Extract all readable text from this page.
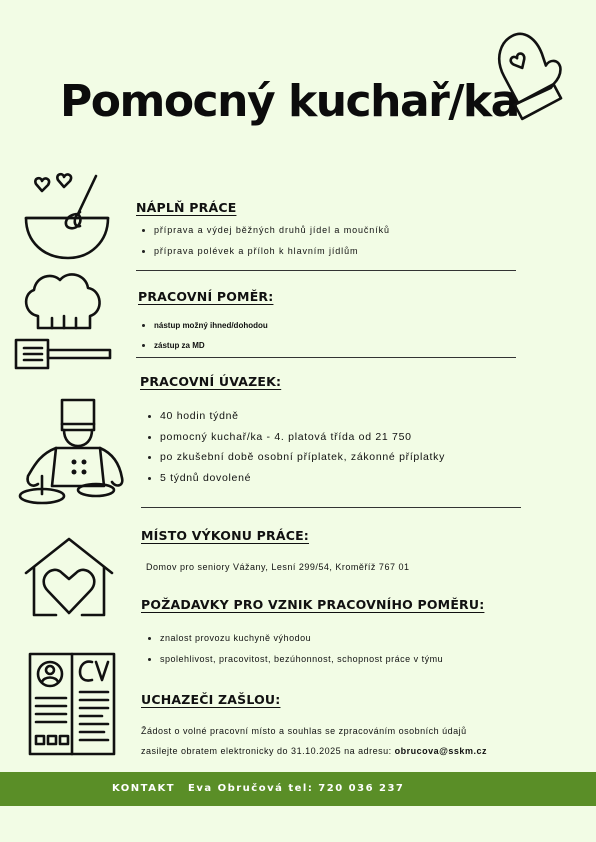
Pomocný kuchař/ka
NÁPLŇ PRÁCE
příprava a výdej běžných druhů jídel a moučníků
příprava polévek a příloh k hlavním jídlům
PRACOVNÍ POMĚR:
nástup možný ihned/dohodou
zástup za MD
PRACOVNÍ ÚVAZEK:
40 hodin týdně
pomocný kuchař/ka - 4. platová třída od 21 750
po zkušební době osobní příplatek, zákonné příplatky
5 týdnů dovolené
MÍSTO VÝKONU PRÁCE:
Domov pro seniory Vážany, Lesní 299/54, Kroměříž 767 01
POŽADAVKY PRO VZNIK PRACOVNÍHO POMĚRU:
znalost provozu kuchyně výhodou
spolehlivost, pracovitost, bezúhonnost, schopnost práce v týmu
UCHAZEČI ZAŠLOU:
Žádost o volné pracovní místo a souhlas se zpracováním osobních údajů
zasilejte obratem elektronicky do 31.10.2025 na adresu: obrucova@sskm.cz
KONTAKT Eva Obručová tel: 720 036 237
